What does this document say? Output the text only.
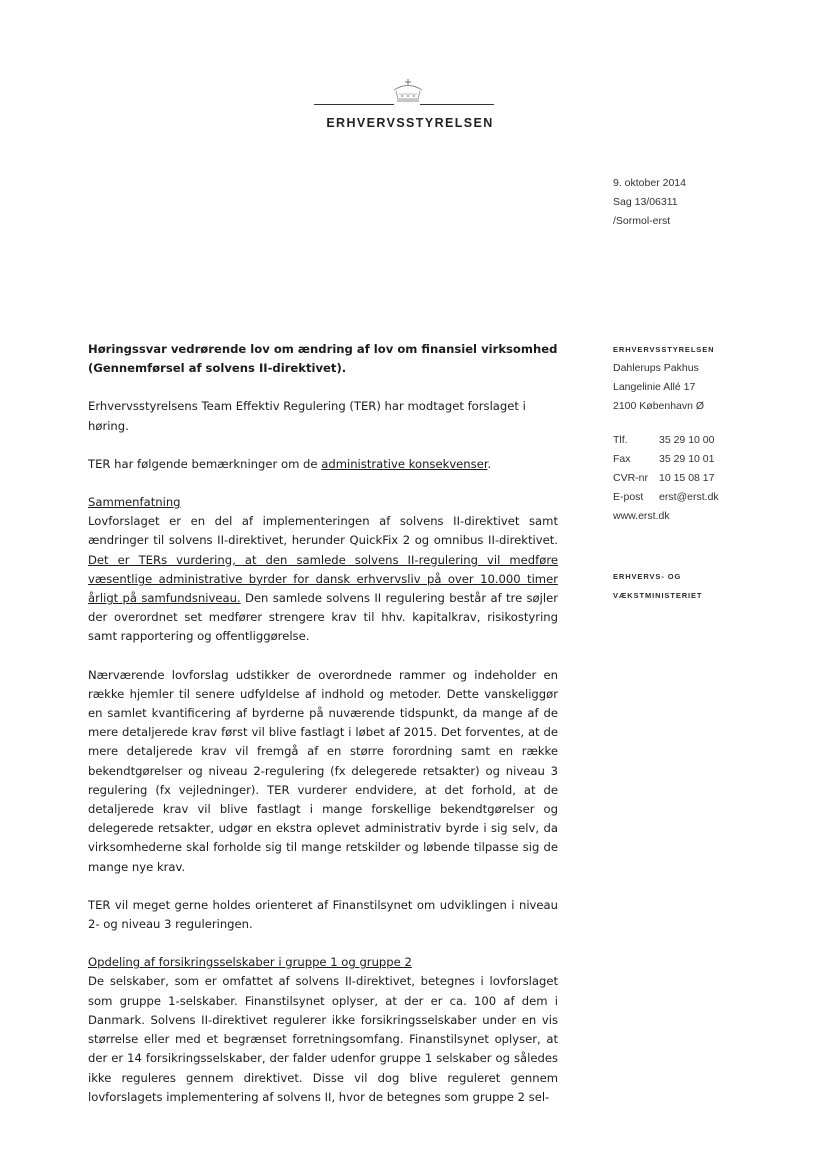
ERHVERVSSTYRELSEN
9. oktober 2014
Sag 13/06311
/Sormol-erst
ERHVERVSSTYRELSEN
Dahlerups Pakhus
Langelinie Allé 17
2100 København Ø
Tlf.	35 29 10 00
Fax	35 29 10 01
CVR-nr	10 15 08 17
E-post	erst@erst.dk
www.erst.dk
ERHVERVS- OG
VÆKSTMINISTERIET

Høringssvar vedrørende lov om ændring af lov om finansiel virksomhed
(Gennemførsel af solvens II-direktivet).

Erhvervsstyrelsens Team Effektiv Regulering (TER) har modtaget forslaget i høring.

TER har følgende bemærkninger om de administrative konsekvenser.

Sammenfatning

Lovforslaget er en del af implementeringen af solvens II-direktivet samt ændringer til solvens II-direktivet, herunder QuickFix 2 og omnibus II-direktivet. Det er TERs vurdering, at den samlede solvens II-regulering vil medføre væsentlige administrative byrder for dansk erhvervsliv på over 10.000 timer årligt på samfundsniveau. Den samlede solvens II regulering består af tre søjler der overordnet set medfører strengere krav til hhv. kapitalkrav, risikostyring samt rapportering og offentliggørelse.

Nærværende lovforslag udstikker de overordnede rammer og indeholder en række hjemler til senere udfyldelse af indhold og metoder. Dette vanskeliggør en samlet kvantificering af byrderne på nuværende tidspunkt, da mange af de mere detaljerede krav først vil blive fastlagt i løbet af 2015. Det forventes, at de mere detaljerede krav vil fremgå af en større forordning samt en række bekendtgørelser og niveau 2-regulering (fx delegerede retsakter) og niveau 3 regulering (fx vejledninger). TER vurderer endvidere, at det forhold, at de detaljerede krav vil blive fastlagt i mange forskellige bekendtgørelser og delegerede retsakter, udgør en ekstra oplevet administrativ byrde i sig selv, da virksomhederne skal forholde sig til mange retskilder og løbende tilpasse sig de mange nye krav.

TER vil meget gerne holdes orienteret af Finanstilsynet om udviklingen i niveau 2- og niveau 3 reguleringen.

Opdeling af forsikringsselskaber i gruppe 1 og gruppe 2

De selskaber, som er omfattet af solvens II-direktivet, betegnes i lovforslaget som gruppe 1-selskaber. Finanstilsynet oplyser, at der er ca. 100 af dem i Danmark. Solvens II-direktivet regulerer ikke forsikringsselskaber under en vis størrelse eller med et begrænset forretningsomfang. Finanstilsynet oplyser, at der er 14 forsikringsselskaber, der falder udenfor gruppe 1 selskaber og således ikke reguleres gennem direktivet. Disse vil dog blive reguleret gennem lovforslagets implementering af solvens II, hvor de betegnes som gruppe 2 sel-
